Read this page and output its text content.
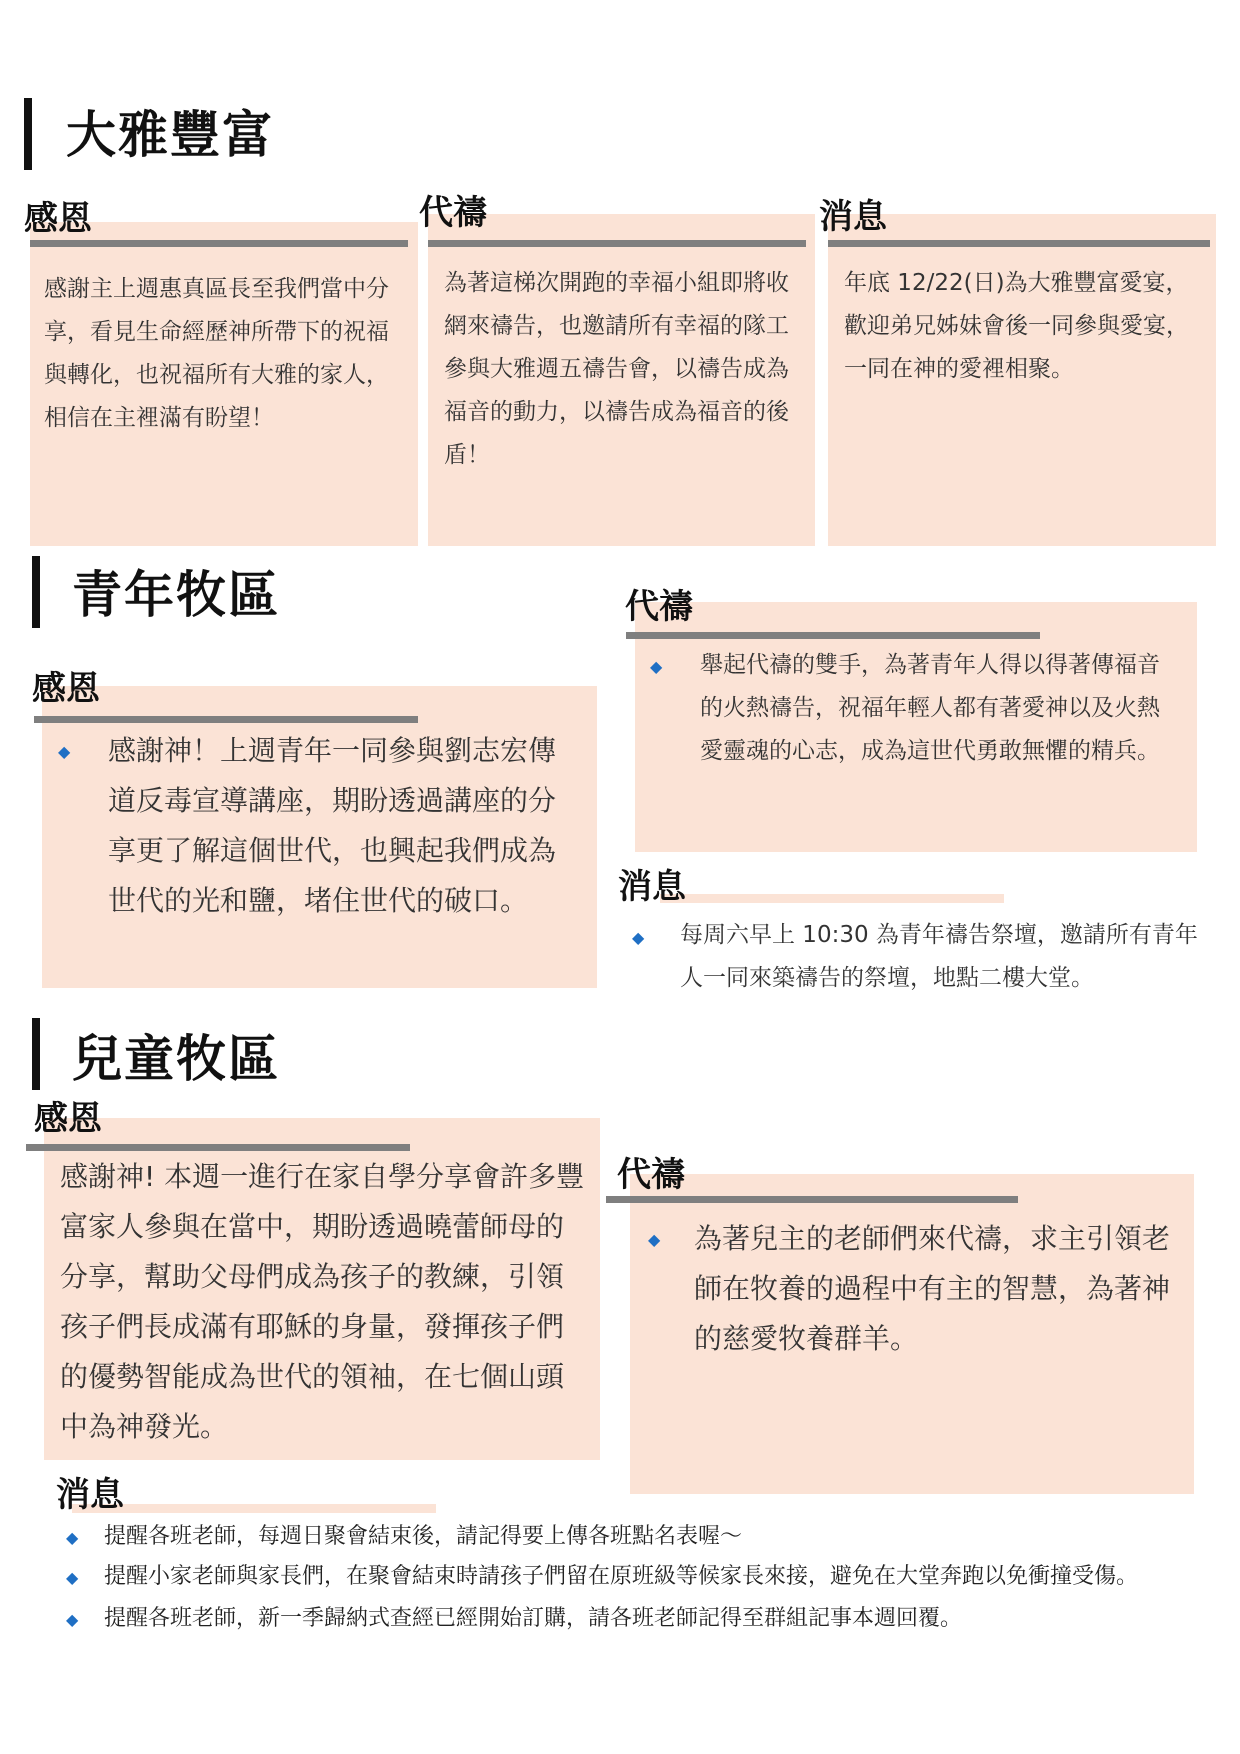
大雅豐富
感恩

感謝主上週惠真區長至我們當中分享，看見生命經歷神所帶下的祝福與轉化，也祝福所有大雅的家人，相信在主裡滿有盼望！

代禱

為著這梯次開跑的幸福小組即將收網來禱告，也邀請所有幸福的隊工參與大雅週五禱告會，以禱告成為福音的動力，以禱告成為福音的後盾！

消息

年底 12/22(日)為大雅豐富愛宴，歡迎弟兄姊妹會後一同參與愛宴，一同在神的愛裡相聚。

青年牧區
感恩
◆ 感謝神！上週青年一同參與劉志宏傳道反毒宣導講座，期盼透過講座的分享更了解這個世代，也興起我們成為世代的光和鹽，堵住世代的破口。

代禱
◆ 舉起代禱的雙手，為著青年人得以得著傳福音的火熱禱告，祝福年輕人都有著愛神以及火熱愛靈魂的心志，成為這世代勇敢無懼的精兵。

消息
◆ 每周六早上 10:30 為青年禱告祭壇，邀請所有青年人一同來築禱告的祭壇，地點二樓大堂。

兒童牧區
感恩

感謝神! 本週一進行在家自學分享會許多豐富家人參與在當中，期盼透過曉蕾師母的分享，幫助父母們成為孩子的教練，引領孩子們長成滿有耶穌的身量，發揮孩子們的優勢智能成為世代的領袖，在七個山頭中為神發光。

代禱
◆ 為著兒主的老師們來代禱，求主引領老師在牧養的過程中有主的智慧，為著神的慈愛牧養群羊。

消息
◆ 提醒各班老師，每週日聚會結束後，請記得要上傳各班點名表喔～
◆ 提醒小家老師與家長們，在聚會結束時請孩子們留在原班級等候家長來接，避免在大堂奔跑以免衝撞受傷。
◆ 提醒各班老師，新一季歸納式查經已經開始訂購，請各班老師記得至群組記事本週回覆。
